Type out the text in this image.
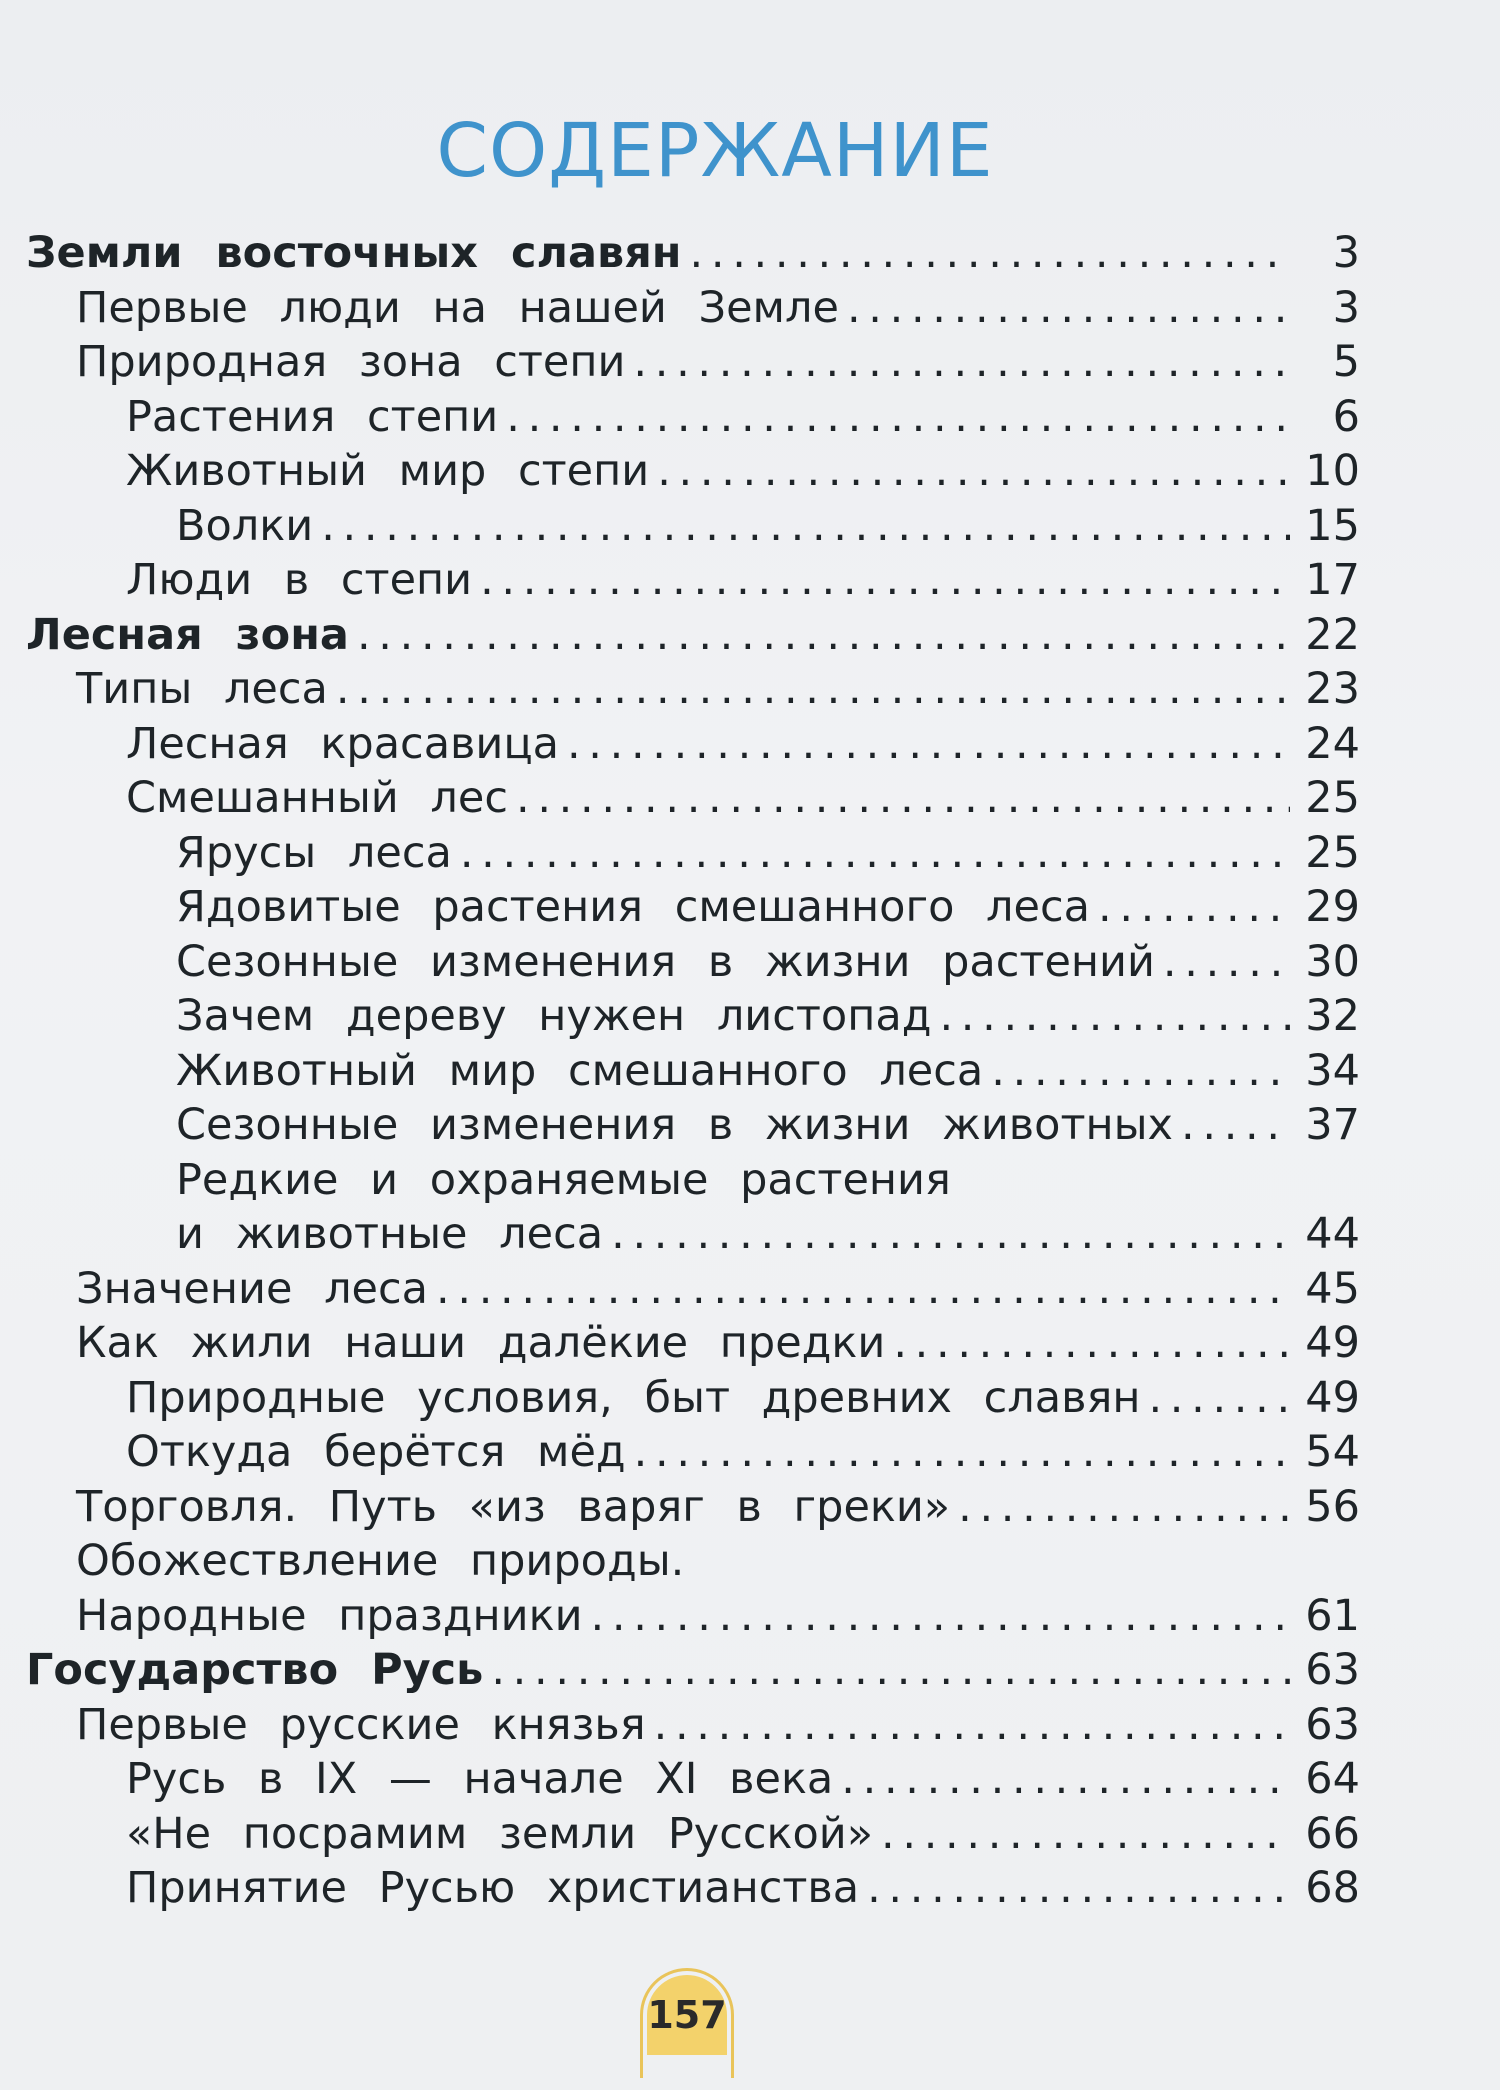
СОДЕРЖАНИЕ
Земли восточных славян . . .	3
Первые люди на нашей Земле . . .	3
Природная зона степи . . .	5
Растения степи . . .	6
Животный мир степи . . .	10
Волки . . .	15
Люди в степи . . .	17
Лесная зона . . .	22
Типы леса . . .	23
Лесная красавица . . .	24
Смешанный лес . . .	25
Ярусы леса . . .	25
Ядовитые растения смешанного леса . . .	29
Сезонные изменения в жизни растений . . .	30
Зачем дереву нужен листопад . . .	32
Животный мир смешанного леса . . .	34
Сезонные изменения в жизни животных . . .	37
Редкие и охраняемые растения
и животные леса . . .	44
Значение леса . . .	45
Как жили наши далёкие предки . . .	49
Природные условия, быт древних славян . . .	49
Откуда берётся мёд . . .	54
Торговля. Путь «из варяг в греки» . . .	56
Обожествление природы.
Народные праздники . . .	61
Государство Русь . . .	63
Первые русские князья . . .	63
Русь в IX — начале XI века . . .	64
«Не посрамим земли Русской» . . .	66
Принятие Русью христианства . . .	68
157
